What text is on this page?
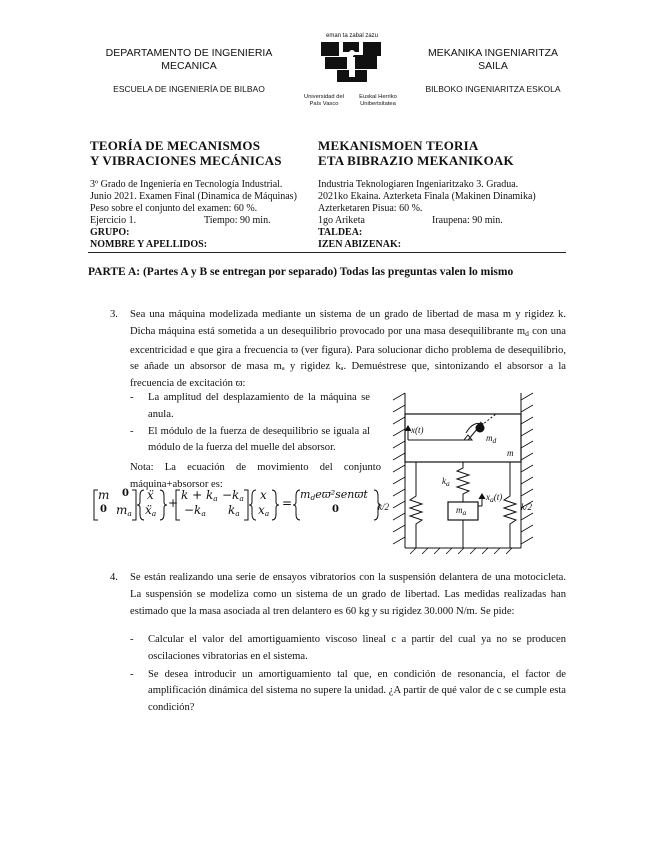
DEPARTAMENTO DE INGENIERIA MECANICA
ESCUELA DE INGENIERÍA DE BILBAO
eman ta zabal zazu
Universidad del País Vasco
Euskal Herriko Unibertsitatea
MEKANIKA INGENIARITZA SAILA
BILBOKO INGENIARITZA ESKOLA
TEORÍA DE MECANISMOS
Y VIBRACIONES MECÁNICAS
MEKANISMOEN TEORIA
ETA BIBRAZIO MEKANIKOAK
3º Grado de Ingeniería en Tecnología Industrial.
Junio 2021. Examen Final (Dinamica de Máquinas)
Peso sobre el conjunto del examen: 60 %.
Ejercicio 1.	Tiempo: 90 min.
GRUPO:
NOMBRE Y APELLIDOS:
Industria Teknologiaren Ingeniaritzako 3. Gradua.
2021ko Ekaina. Azterketa Finala (Makinen Dinamika)
Azterketaren Pisua: 60 %.
1go Ariketa	Iraupena: 90 min.
TALDEA:
IZEN ABIZENAK:
PARTE A: (Partes A y B se entregan por separado) Todas las preguntas valen lo mismo
3. Sea una máquina modelizada mediante un sistema de un grado de libertad de masa m y rigidez k. Dicha máquina está sometida a un desequilibrio provocado por una masa desequilibrante $m_d$ con una excentricidad e que gira a frecuencia ϖ (ver figura). Para solucionar dicho problema de desequilibrio, se añade un absorsor de masa mₐ y rigidez kₐ. Demuéstrese que, sintonizando el absorsor a la frecuencia de excitación ϖ:
-	La amplitud del desplazamiento de la máquina se anula.
-	El módulo de la fuerza de desequilibrio se iguala al módulo de la fuerza del muelle del absorsor.
Nota: La ecuación de movimiento del conjunto máquina+absorsor es:
m 0
0 $m_a$
ẍ
ẍ$_a$
+
$k + k_a -k_a$
$-k_a$ $k_a$
x
$x_a$
=
$m_deϖ^2senϖt$
0
x(t)
$m_d$
m
$k_a$
$m_a$
$x_a(t)$
k/2	k/2
4. Se están realizando una serie de ensayos vibratorios con la suspensión delantera de una motocicleta. La suspensión se modeliza como un sistema de un grado de libertad. Las medidas realizadas han estimado que la masa asociada al tren delantero es 60 kg y su rigidez 30.000 N/m. Se pide:
-	Calcular el valor del amortiguamiento viscoso lineal c a partir del cual ya no se producen oscilaciones vibratorias en el sistema.
-	Se desea introducir un amortiguamiento tal que, en condición de resonancia, el factor de amplificación dinámica del sistema no supere la unidad. ¿A partir de qué valor de c se cumple esta condición?
